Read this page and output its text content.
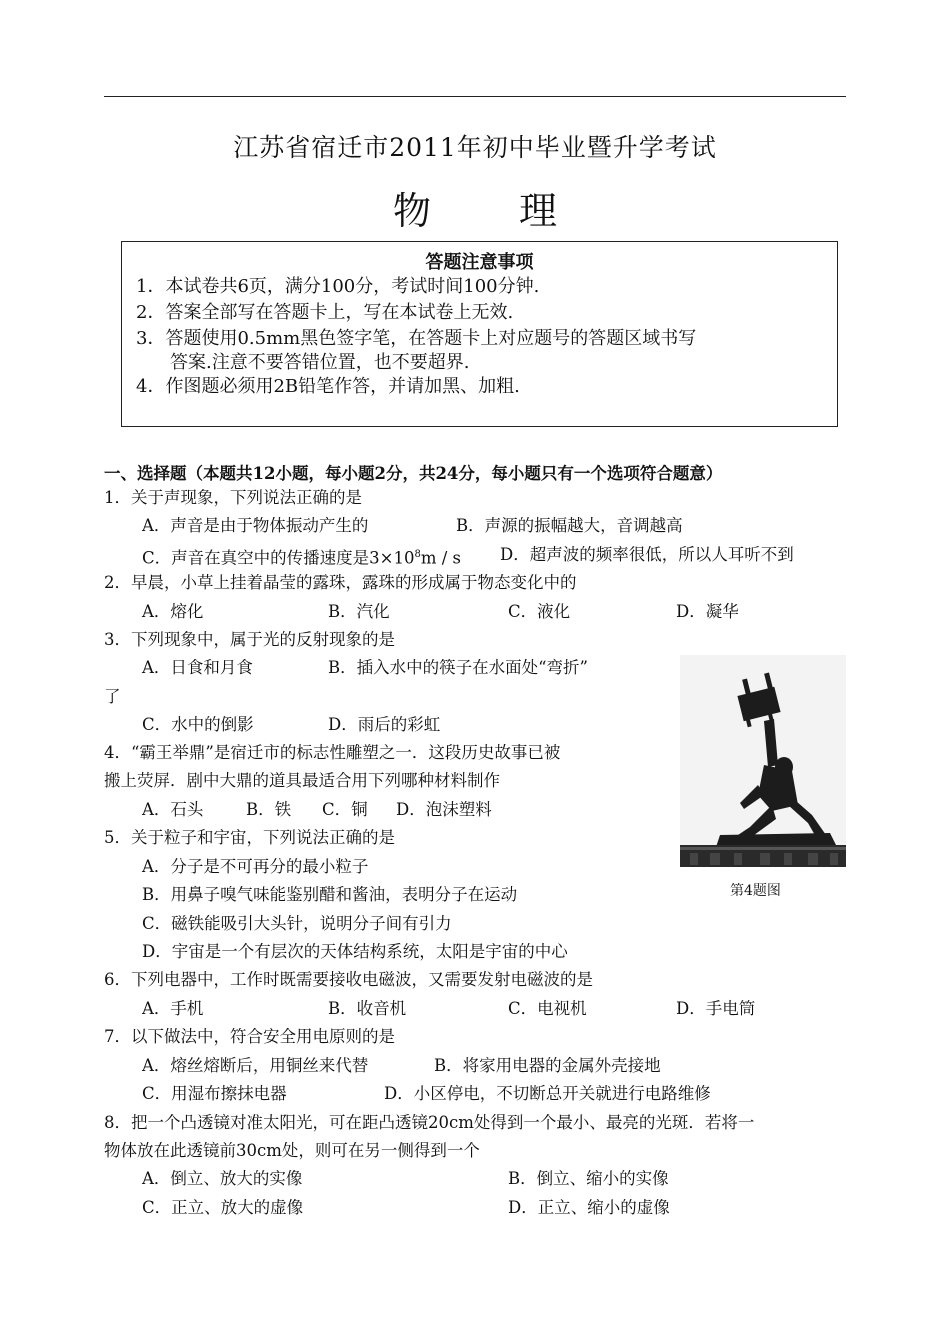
江苏省宿迁市2011年初中毕业暨升学考试
物 理
答题注意事项
1．本试卷共6页，满分100分，考试时间100分钟.
2．答案全部写在答题卡上，写在本试卷上无效.
3．答题使用0.5mm黑色签字笔，在答题卡上对应题号的答题区域书写
答案.注意不要答错位置，也不要超界.
4．作图题必须用2B铅笔作答，并请加黑、加粗.
一、选择题（本题共12小题，每小题2分，共24分，每小题只有一个选项符合题意）
1．关于声现象，下列说法正确的是
A．声音是由于物体振动产生的	B．声源的振幅越大，音调越高
C．声音在真空中的传播速度是$3\times 10^8m / s$ D．超声波的频率很低，所以人耳听不到
2．早晨，小草上挂着晶莹的露珠，露珠的形成属于物态变化中的
A．熔化	B．汽化	C．液化	D．凝华
3．下列现象中，属于光的反射现象的是
A．日食和月食	B．插入水中的筷子在水面处“弯折”
了
C．水中的倒影	D．雨后的彩虹
4．“霸王举鼎”是宿迁市的标志性雕塑之一．这段历史故事已被
搬上荧屏．剧中大鼎的道具最适合用下列哪种材料制作
A．石头	B．铁 C．铜 D．泡沫塑料
第4题图
5．关于粒子和宇宙，下列说法正确的是
A．分子是不可再分的最小粒子
B．用鼻子嗅气味能鉴别醋和酱油，表明分子在运动
C．磁铁能吸引大头针，说明分子间有引力
D．宇宙是一个有层次的天体结构系统，太阳是宇宙的中心
6．下列电器中，工作时既需要接收电磁波，又需要发射电磁波的是
A．手机	B．收音机	C．电视机	D．手电筒
7．以下做法中，符合安全用电原则的是
A．熔丝熔断后，用铜丝来代替	B．将家用电器的金属外壳接地
C．用湿布擦抹电器	D．小区停电，不切断总开关就进行电路维修
8．把一个凸透镜对准太阳光，可在距凸透镜20cm处得到一个最小、最亮的光斑．若将一
物体放在此透镜前30cm处，则可在另一侧得到一个
A．倒立、放大的实像	B．倒立、缩小的实像
C．正立、放大的虚像	D．正立、缩小的虚像
